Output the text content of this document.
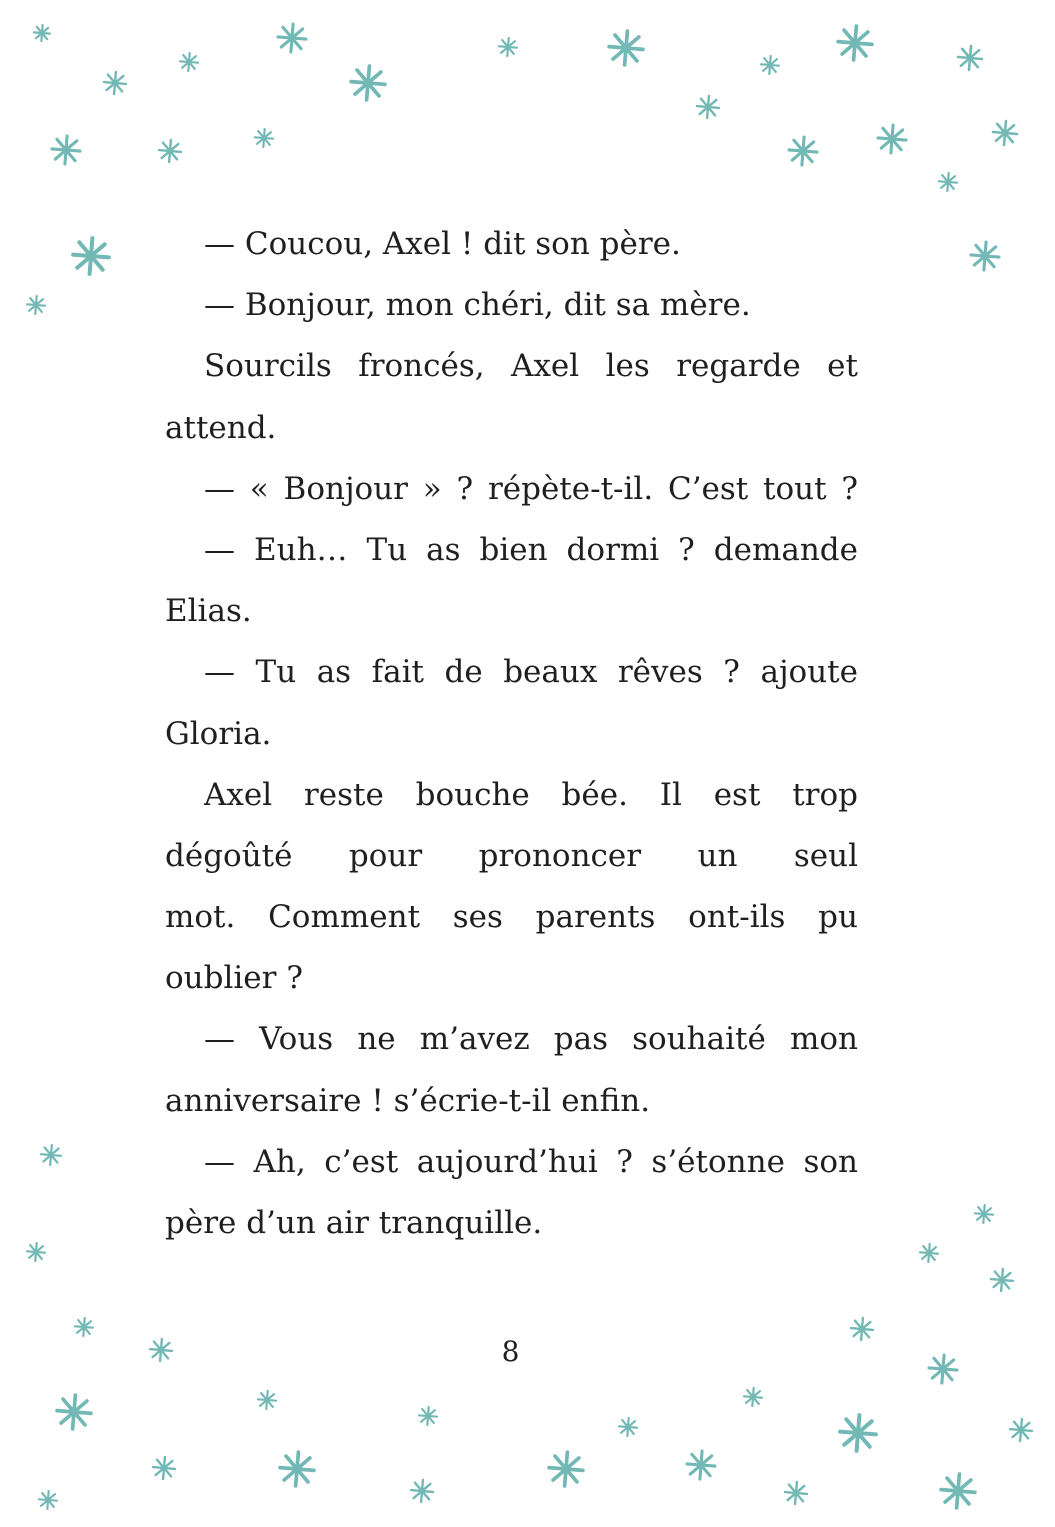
— Coucou, Axel ! dit son père.
— Bonjour, mon chéri, dit sa mère.
Sourcils froncés, Axel les regarde et
attend.
— « Bonjour » ? répète-t-il. C’est tout ?
— Euh… Tu as bien dormi ? demande
Elias.
— Tu as fait de beaux rêves ? ajoute
Gloria.
Axel reste bouche bée. Il est trop
dégoûté pour prononcer un seul
mot. Comment ses parents ont-ils pu
oublier ?
— Vous ne m’avez pas souhaité mon
anniversaire ! s’écrie-t-il enfin.
— Ah, c’est aujourd’hui ? s’étonne son
père d’un air tranquille.
8
